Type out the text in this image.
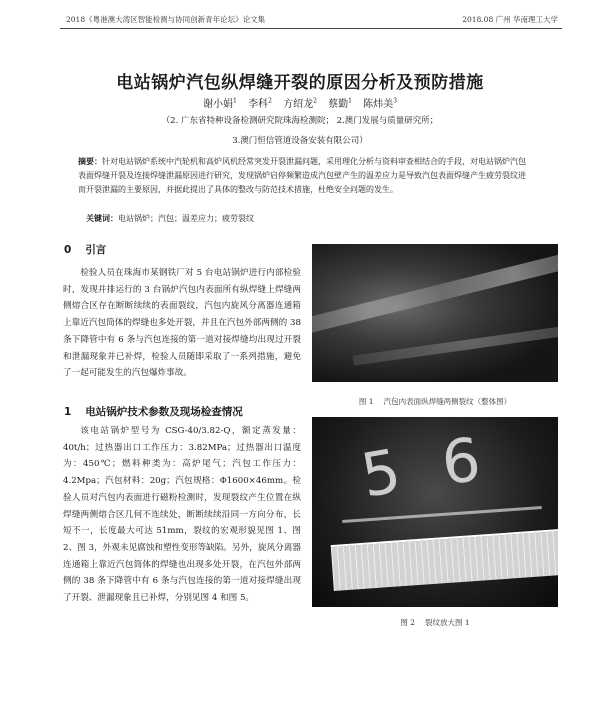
2018《粤港澳大湾区智能检测与协同创新青年论坛》论文集	2018.08 广州 华南理工大学
电站锅炉汽包纵焊缝开裂的原因分析及预防措施
谢小娟$^1$ 李科$^2$ 方绍龙$^2$ 蔡勤$^1$ 陈炜美$^3$
（2. 广东省特种设备检测研究院珠海检测院； 2.澳门发展与质量研究所；
3.澳门恒信管道设备安装有限公司）
摘要：针对电站锅炉系统中汽轮机和高炉风机经常突发开裂泄漏问题，采用理化分析与资料审查相结合的手段，对电站锅炉汽包表面焊缝开裂及连接焊缝泄漏原因进行研究，发现锅炉启停频繁造成汽包壁产生的温差应力是导致汽包表面焊缝产生疲劳裂纹进而开裂泄漏的主要原因，并据此提出了具体的整改与防范技术措施，杜绝安全问题的发生。
关键词：电站锅炉；汽包；温差应力；疲劳裂纹
0 引言

检验人员在珠海市某钢铁厂对 5 台电站锅炉进行内部检验时，发现并排运行的 3 台锅炉汽包内表面所有纵焊缝上焊缝两侧熔合区存在断断续续的表面裂纹，汽包内旋风分离器连通箱上靠近汽包筒体的焊缝也多处开裂，并且在汽包外部两侧的 38 条下降管中有 6 条与汽包连接的第一道对接焊缝均出现过开裂和泄漏现象并已补焊，检验人员随即采取了一系列措施，避免了一起可能发生的汽包爆炸事故。

1 电站锅炉技术参数及现场检查情况

该电站锅炉型号为 CSG-40/3.82-Q，额定蒸发量：40t/h；过热器出口工作压力：3.82MPa；过热器出口温度为：450℃；燃料种类为：高炉尾气；汽包工作压力：4.2Mpa；汽包材料：20g；汽包规格：Φ1600×46mm。检验人员对汽包内表面进行磁粉检测时，发现裂纹产生位置在纵焊缝两侧熔合区几何不连续处，断断续续沿同一方向分布，长短不一，长度最大可达 51mm，裂纹的宏观形貌见图 1、图 2、图 3，外观未见腐蚀和塑性变形等缺陷。另外，旋风分离器连通箱上靠近汽包筒体的焊缝也出现多处开裂，在汽包外部两侧的 38 条下降管中有 6 条与汽包连接的第一道对接焊缝出现了开裂、泄漏现象且已补焊，分别见图 4 和图 5。

图 1 汽包内表面纵焊缝两侧裂纹（整体图）
5 6
图 2 裂纹放大图 1
